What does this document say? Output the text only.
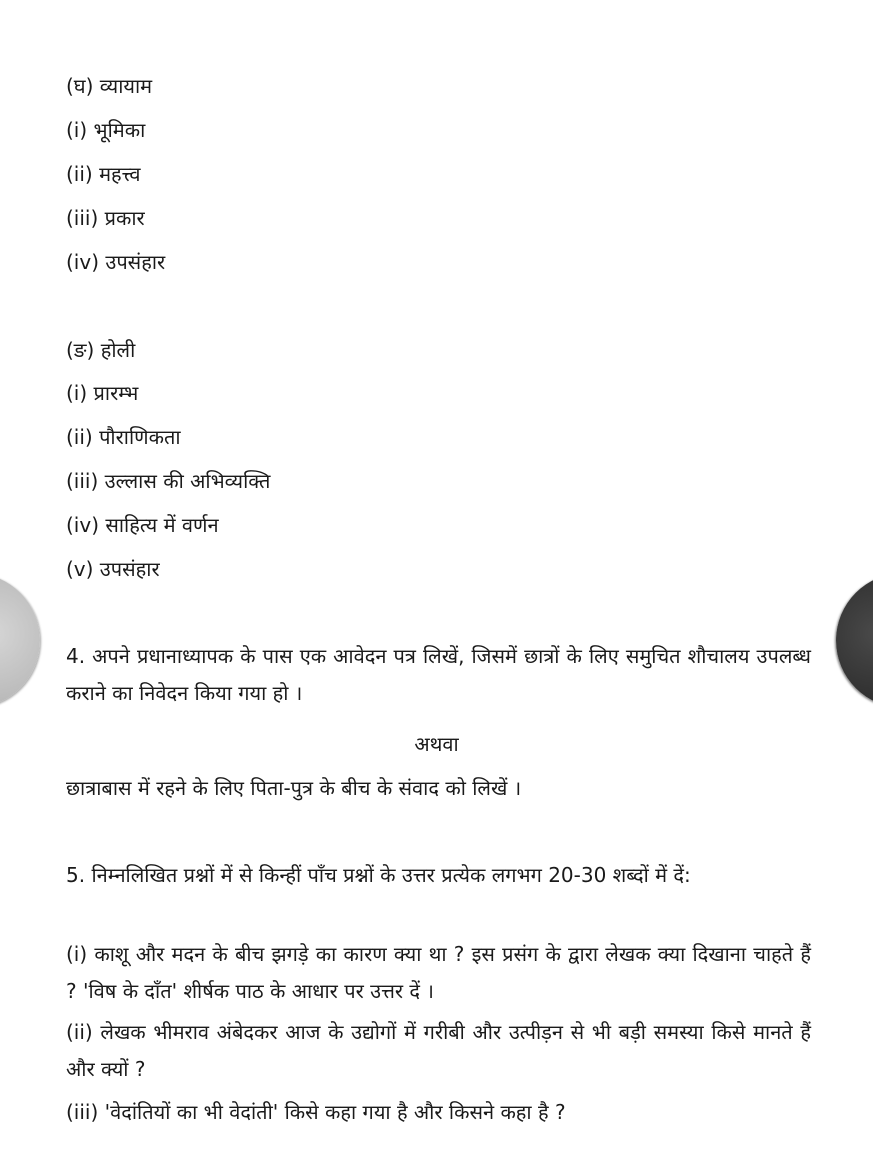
(घ) व्यायाम
(i) भूमिका
(ii) महत्त्व
(iii) प्रकार
(iv) उपसंहार
(ङ) होली
(i) प्रारम्भ
(ii) पौराणिकता
(iii) उल्लास की अभिव्यक्ति
(iv) साहित्य में वर्णन
(v) उपसंहार
4. अपने प्रधानाध्यापक के पास एक आवेदन पत्र लिखें, जिसमें छात्रों के लिए समुचित शौचालय उपलब्ध कराने का निवेदन किया गया हो ।
अथवा
छात्राबास में रहने के लिए पिता-पुत्र के बीच के संवाद को लिखें ।
5. निम्नलिखित प्रश्नों में से किन्हीं पाँच प्रश्नों के उत्तर प्रत्येक लगभग 20-30 शब्दों में दें:
(i) काशू और मदन के बीच झगड़े का कारण क्या था ? इस प्रसंग के द्वारा लेखक क्या दिखाना चाहते हैं ? 'विष के दाँत' शीर्षक पाठ के आधार पर उत्तर दें ।
(ii) लेखक भीमराव अंबेदकर आज के उद्योगों में गरीबी और उत्पीड़न से भी बड़ी समस्या किसे मानते हैं और क्यों ?
(iii) 'वेदांतियों का भी वेदांती' किसे कहा गया है और किसने कहा है ?
